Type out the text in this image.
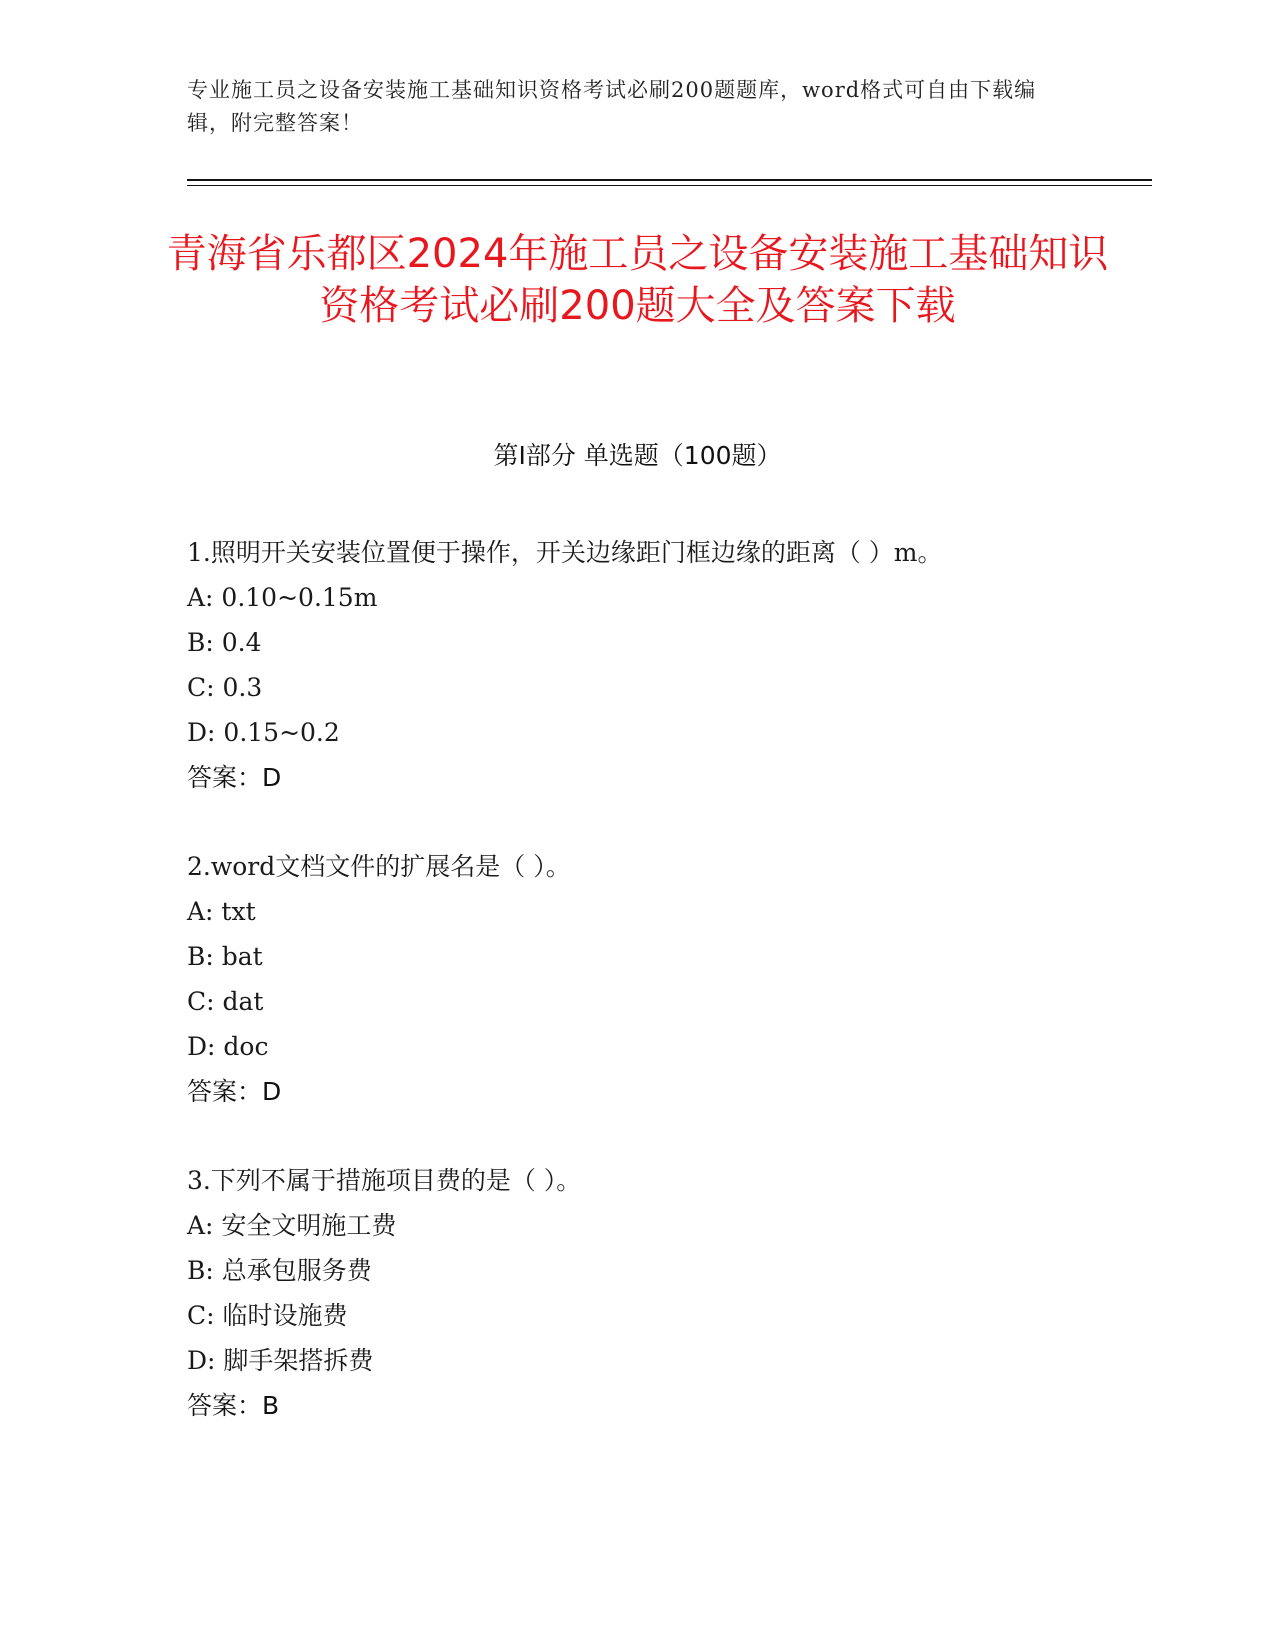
专业施工员之设备安装施工基础知识资格考试必刷200题题库，word格式可自由下载编辑，附完整答案！
青海省乐都区2024年施工员之设备安装施工基础知识资格考试必刷200题大全及答案下载
第I部分 单选题（100题）
1.照明开关安装位置便于操作，开关边缘距门框边缘的距离（ ）m。
A: 0.10~0.15m
B: 0.4
C: 0.3
D: 0.15~0.2
答案：D
2.word文档文件的扩展名是（ ）。
A: txt
B: bat
C: dat
D: doc
答案：D
3.下列不属于措施项目费的是（ ）。
A: 安全文明施工费
B: 总承包服务费
C: 临时设施费
D: 脚手架搭拆费
答案：B
